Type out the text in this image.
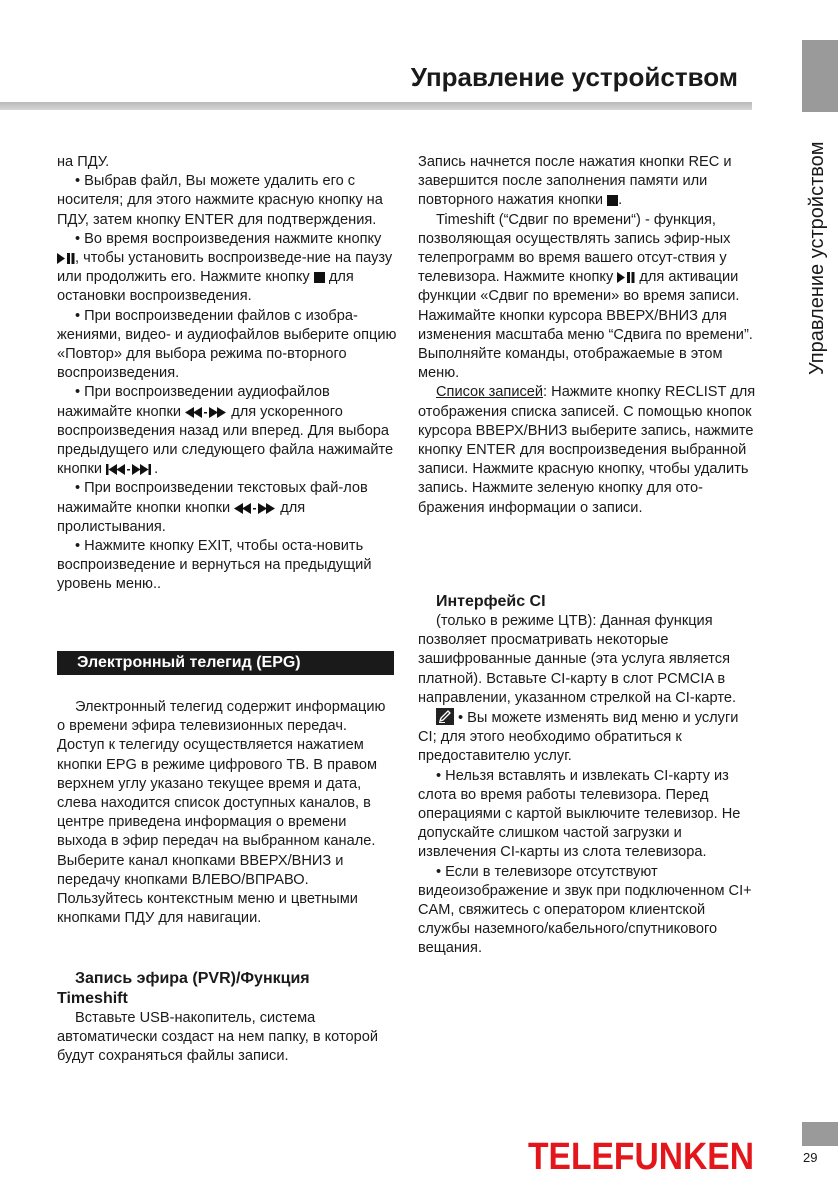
Управление устройством
Управление устройством

на ПДУ.

• Выбрав файл, Вы можете удалить его с носителя; для этого нажмите красную кнопку на ПДУ, затем кнопку ENTER для подтверждения.

• Во время воспроизведения нажмите кнопку , чтобы установить воспроизведе-ние на паузу или продолжить его. Нажмите кнопку  для остановки воспроизведения.

• При воспроизведении файлов с изобра-жениями, видео- и аудиофайлов выберите опцию «Повтор» для выбора режима по-вторного воспроизведения.

• При воспроизведении аудиофайлов нажимайте кнопки	для ускоренного воспроизведения назад или вперед. Для выбора предыдущего или следующего файла нажимайте кнопки	.

• При воспроизведении текстовых фай-лов нажимайте кнопки кнопки	для пролистывания.

• Нажмите кнопку EXIT, чтобы оста-новить воспроизведение и вернуться на предыдущий уровень меню..

Электронный телегид (EPG)

Электронный телегид содержит информацию о времени эфира телевизионных передач. Доступ к телегиду осуществляется нажатием кнопки EPG в режиме цифрового ТВ. В правом верхнем углу указано текущее время и дата, слева находится список доступных каналов, в центре приведена информация о времени выхода в эфир передач на выбранном канале. Выберите канал кнопками ВВЕРХ/ВНИЗ и передачу кнопками ВЛЕВО/ВПРАВО. Пользуйтесь контекстным меню и цветными кнопками ПДУ для навигации.

Запись эфира (PVR)/Функция

Timeshift

Вставьте USB-накопитель, система автоматически создаст на нем папку, в которой будут сохраняться файлы записи.

Запись начнется после нажатия кнопки REC и завершится после заполнения памяти или повторного нажатия кнопки .

Timeshift (“Сдвиг по времени“) - функция, позволяющая осуществлять запись эфир-ных телепрограмм во время вашего отсут-ствия у телевизора. Нажмите кнопку  для активации функции «Сдвиг по времени» во время записи. Нажимайте кнопки курсора ВВЕРХ/ВНИЗ для изменения масштаба меню “Сдвига по времени”. Выполняйте команды, отображаемые в этом меню.

Список записей: Нажмите кнопку RECLIST для отображения списка записей. С помощью кнопок курсора ВВЕРХ/ВНИЗ выберите запись, нажмите кнопку ENTER для воспроизведения выбранной записи. Нажмите красную кнопку, чтобы удалить запись. Нажмите зеленую кнопку для ото-бражения информации о записи.

Интерфейс CI

(только в режиме ЦТВ): Данная функция позволяет просматривать некоторые зашифрованные данные (эта услуга является платной). Вставьте CI-карту в слот PCMCIA в направлении, указанном стрелкой на CI-карте.

• Вы можете изменять вид меню и услуги CI; для этого необходимо обратиться к предоставителю услуг.

• Нельзя вставлять и извлекать CI-карту из слота во время работы телевизора. Перед операциями с картой выключите телевизор. Не допускайте слишком частой загрузки и извлечения CI-карты из слота телевизора.

• Если в телевизоре отсутствуют видеоизображение и звук при подключенном CI+ CAM, свяжитесь с оператором клиентской службы наземного/кабельного/спутникового вещания.

TELEFUNKEN	29
